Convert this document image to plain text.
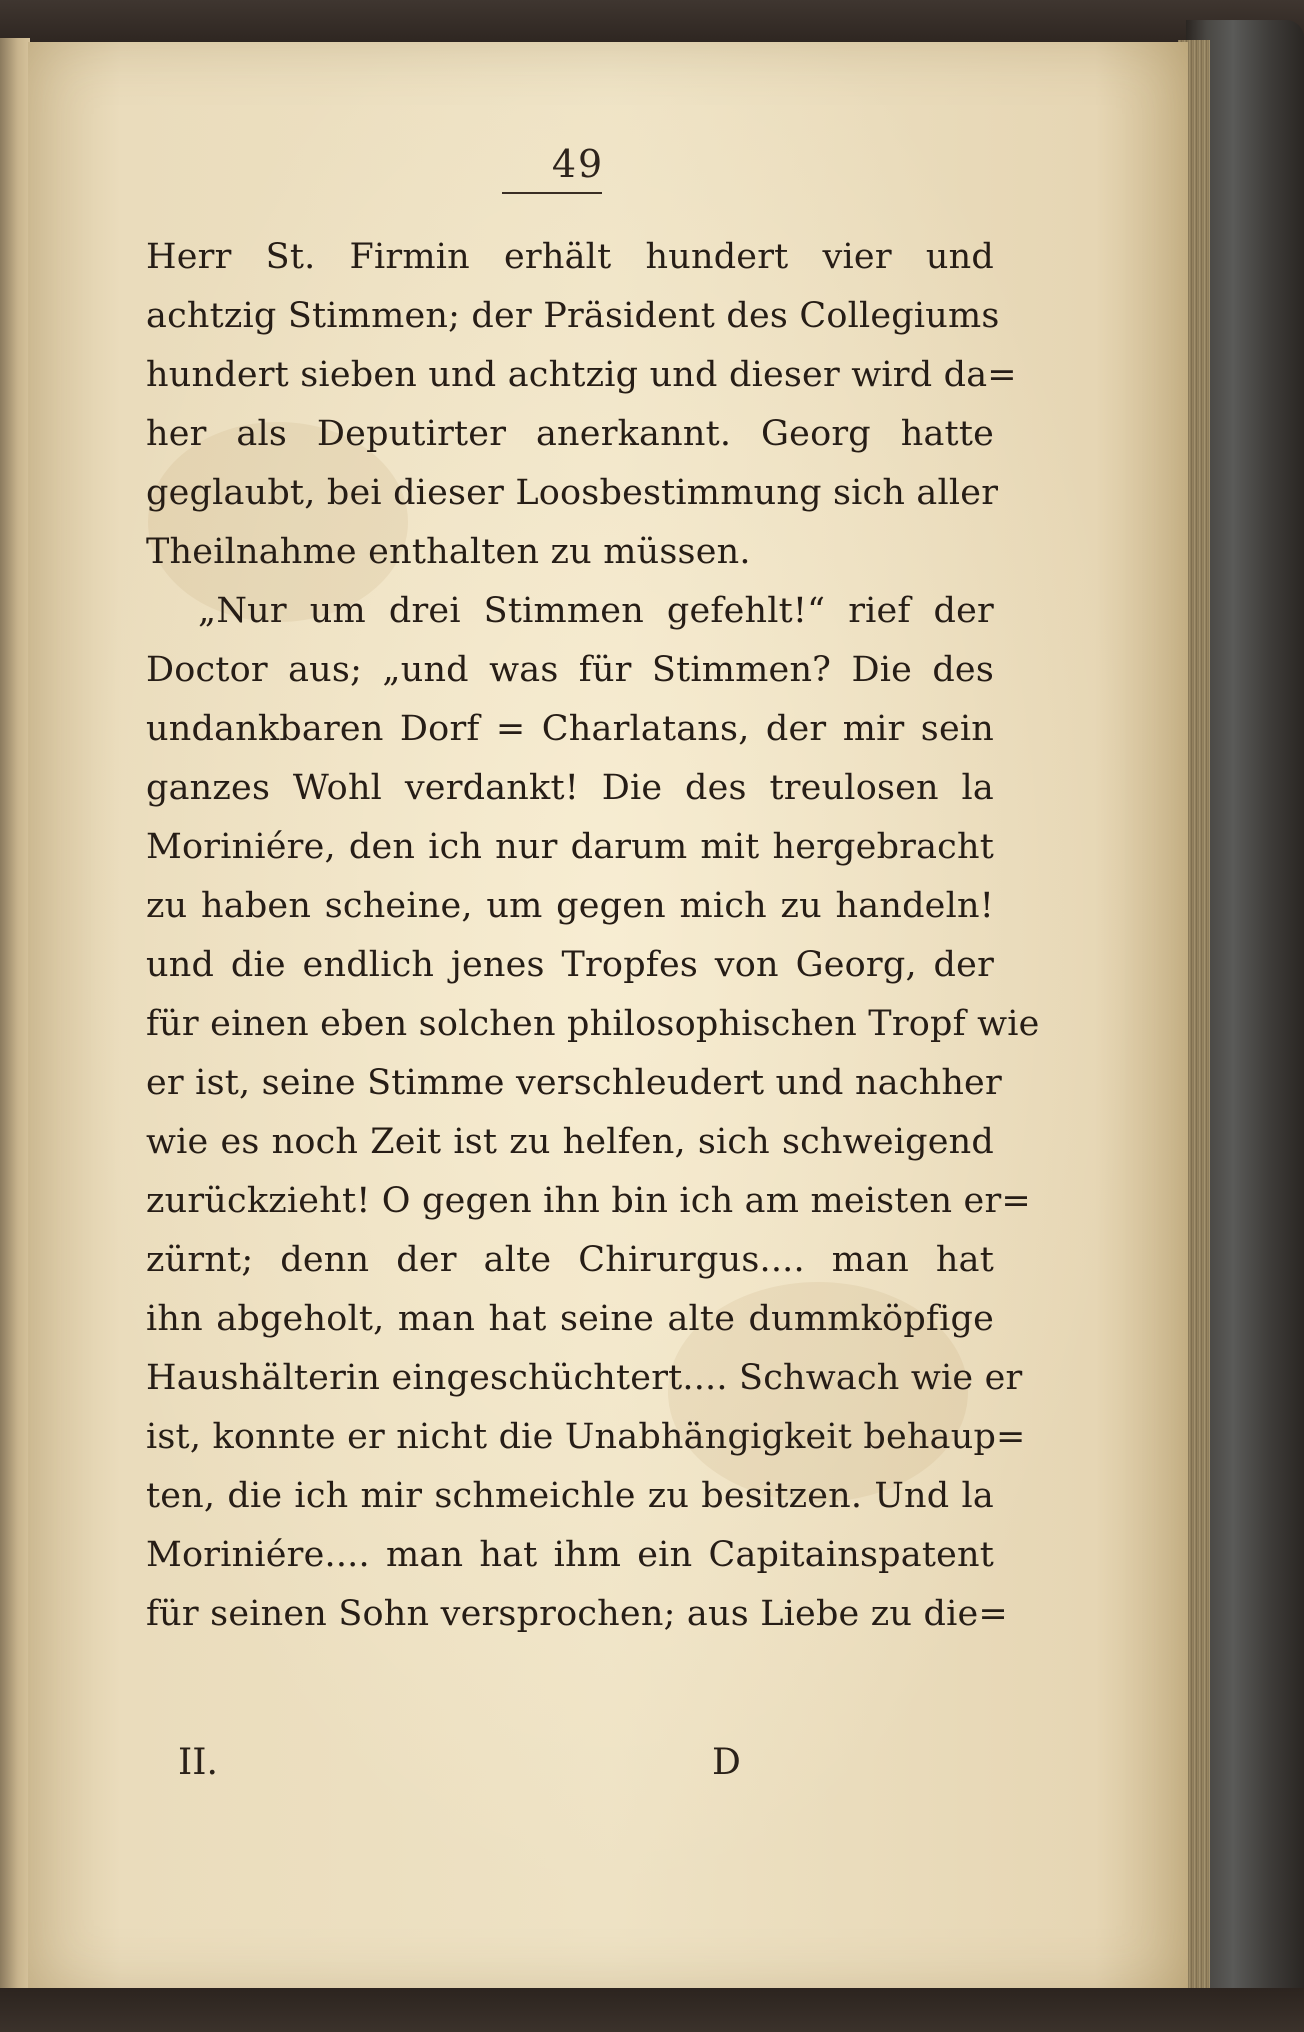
49
Herr St. Firmin erhält hundert vier und
achtzig Stimmen; der Präsident des Collegiums
hundert sieben und achtzig und dieser wird da=
her als Deputirter anerkannt. Georg hatte
geglaubt, bei dieser Loosbestimmung sich aller
Theilnahme enthalten zu müssen.
„Nur um drei Stimmen gefehlt!“ rief der
Doctor aus; „und was für Stimmen? Die des
undankbaren Dorf = Charlatans, der mir sein
ganzes Wohl verdankt! Die des treulosen la
Moriniére, den ich nur darum mit hergebracht
zu haben scheine, um gegen mich zu handeln!
und die endlich jenes Tropfes von Georg, der
für einen eben solchen philosophischen Tropf wie
er ist, seine Stimme verschleudert und nachher
wie es noch Zeit ist zu helfen, sich schweigend
zurückzieht! O gegen ihn bin ich am meisten er=
zürnt; denn der alte Chirurgus.... man hat
ihn abgeholt, man hat seine alte dummköpfige
Haushälterin eingeschüchtert.... Schwach wie er
ist, konnte er nicht die Unabhängigkeit behaup=
ten, die ich mir schmeichle zu besitzen. Und la
Moriniére.... man hat ihm ein Capitainspatent
für seinen Sohn versprochen; aus Liebe zu die=
II.	D
